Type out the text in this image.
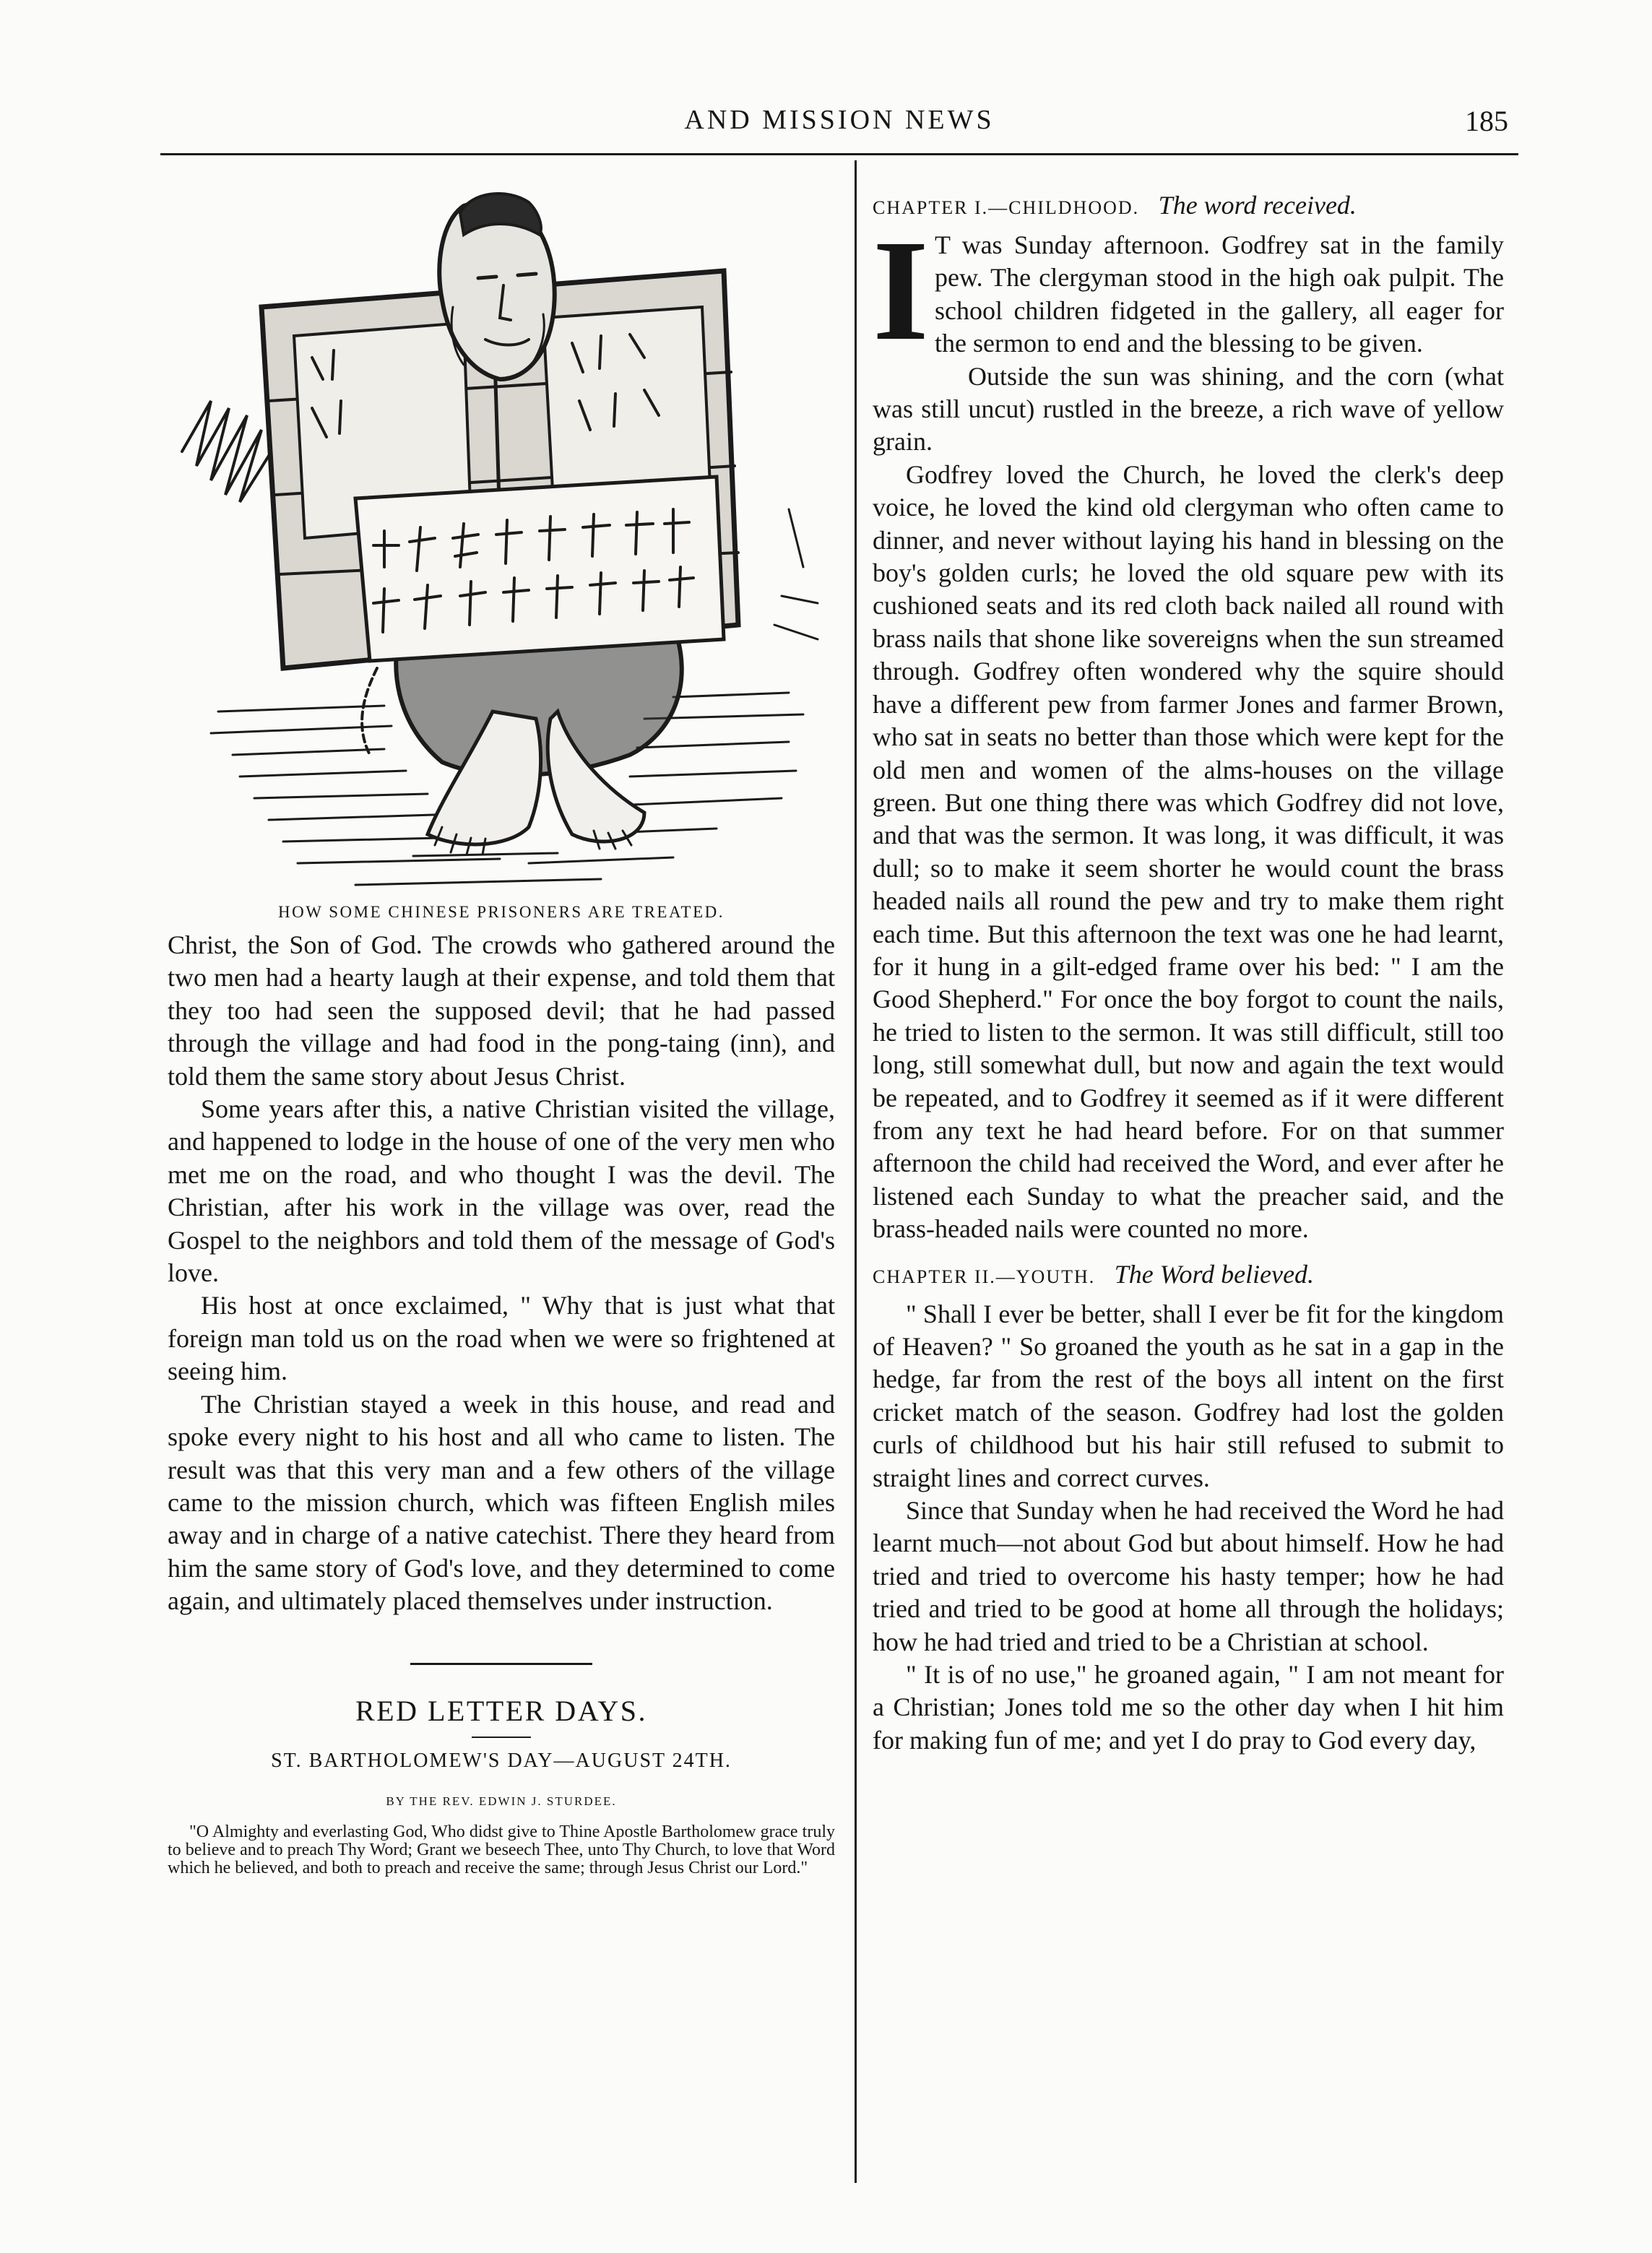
AND MISSION NEWS	185

HOW SOME CHINESE PRISONERS ARE TREATED.

Christ, the Son of God. The crowds who gathered around the two men had a hearty laugh at their expense, and told them that they too had seen the supposed devil; that he had passed through the village and had food in the pong-taing (inn), and told them the same story about Jesus Christ.

Some years after this, a native Christian visited the village, and happened to lodge in the house of one of the very men who met me on the road, and who thought I was the devil. The Christian, after his work in the village was over, read the Gospel to the neighbors and told them of the message of God's love.

His host at once exclaimed, " Why that is just what that foreign man told us on the road when we were so frightened at seeing him.

The Christian stayed a week in this house, and read and spoke every night to his host and all who came to listen. The result was that this very man and a few others of the village came to the mission church, which was fifteen English miles away and in charge of a native catechist. There they heard from him the same story of God's love, and they determined to come again, and ultimately placed themselves under instruction.

RED LETTER DAYS.

ST. BARTHOLOMEW'S DAY—AUGUST 24TH.

BY THE REV. EDWIN J. STURDEE.

"O Almighty and everlasting God, Who didst give to Thine Apostle Bartholomew grace truly to believe and to preach Thy Word; Grant we beseech Thee, unto Thy Church, to love that Word which he believed, and both to preach and receive the same; through Jesus Christ our Lord."

CHAPTER I.—CHILDHOOD. The word received.
I T was Sunday afternoon. Godfrey sat in the family pew. The clergyman stood in the high oak pulpit. The school children fidgeted in the gallery, all eager for the sermon to end and the blessing to be given.

Outside the sun was shining, and the corn (what was still uncut) rustled in the breeze, a rich wave of yellow grain.

Godfrey loved the Church, he loved the clerk's deep voice, he loved the kind old clergyman who often came to dinner, and never without laying his hand in blessing on the boy's golden curls; he loved the old square pew with its cushioned seats and its red cloth back nailed all round with brass nails that shone like sovereigns when the sun streamed through. Godfrey often wondered why the squire should have a different pew from farmer Jones and farmer Brown, who sat in seats no better than those which were kept for the old men and women of the alms-houses on the village green. But one thing there was which Godfrey did not love, and that was the sermon. It was long, it was difficult, it was dull; so to make it seem shorter he would count the brass headed nails all round the pew and try to make them right each time. But this afternoon the text was one he had learnt, for it hung in a gilt-edged frame over his bed: " I am the Good Shepherd." For once the boy forgot to count the nails, he tried to listen to the sermon. It was still difficult, still too long, still somewhat dull, but now and again the text would be repeated, and to Godfrey it seemed as if it were different from any text he had heard before. For on that summer afternoon the child had received the Word, and ever after he listened each Sunday to what the preacher said, and the brass-headed nails were counted no more.

CHAPTER II.—YOUTH. The Word believed.

" Shall I ever be better, shall I ever be fit for the kingdom of Heaven? " So groaned the youth as he sat in a gap in the hedge, far from the rest of the boys all intent on the first cricket match of the season. Godfrey had lost the golden curls of childhood but his hair still refused to submit to straight lines and correct curves.

Since that Sunday when he had received the Word he had learnt much—not about God but about himself. How he had tried and tried to overcome his hasty temper; how he had tried and tried to be good at home all through the holidays; how he had tried and tried to be a Christian at school.

" It is of no use," he groaned again, " I am not meant for a Christian; Jones told me so the other day when I hit him for making fun of me; and yet I do pray to God every day,
